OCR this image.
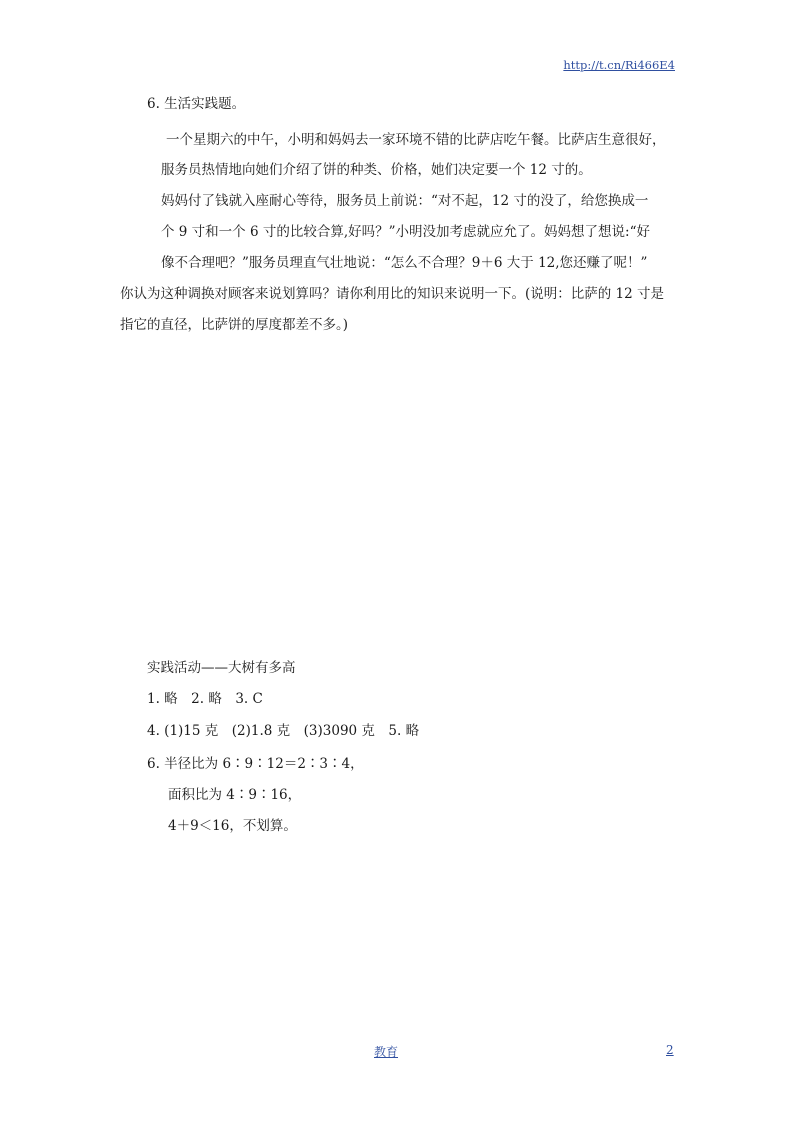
http://t.cn/Ri466E4
6. 生活实践题。
一个星期六的中午，小明和妈妈去一家环境不错的比萨店吃午餐。比萨店生意很好，
服务员热情地向她们介绍了饼的种类、价格，她们决定要一个 12 寸的。
妈妈付了钱就入座耐心等待，服务员上前说：“对不起，12 寸的没了，给您换成一
个 9 寸和一个 6 寸的比较合算,好吗？”小明没加考虑就应允了。妈妈想了想说:“好
像不合理吧？”服务员理直气壮地说：“怎么不合理？9＋6 大于 12,您还赚了呢！”
你认为这种调换对顾客来说划算吗？请你利用比的知识来说明一下。(说明：比萨的 12 寸是
指它的直径，比萨饼的厚度都差不多。)
实践活动——大树有多高
1. 略　2. 略　3. C
4. (1)15 克　(2)1.8 克　(3)3090 克　5. 略
6. 半径比为 6∶9∶12＝2∶3∶4，
面积比为 4∶9∶16，
4＋9＜16，不划算。
教育	2
